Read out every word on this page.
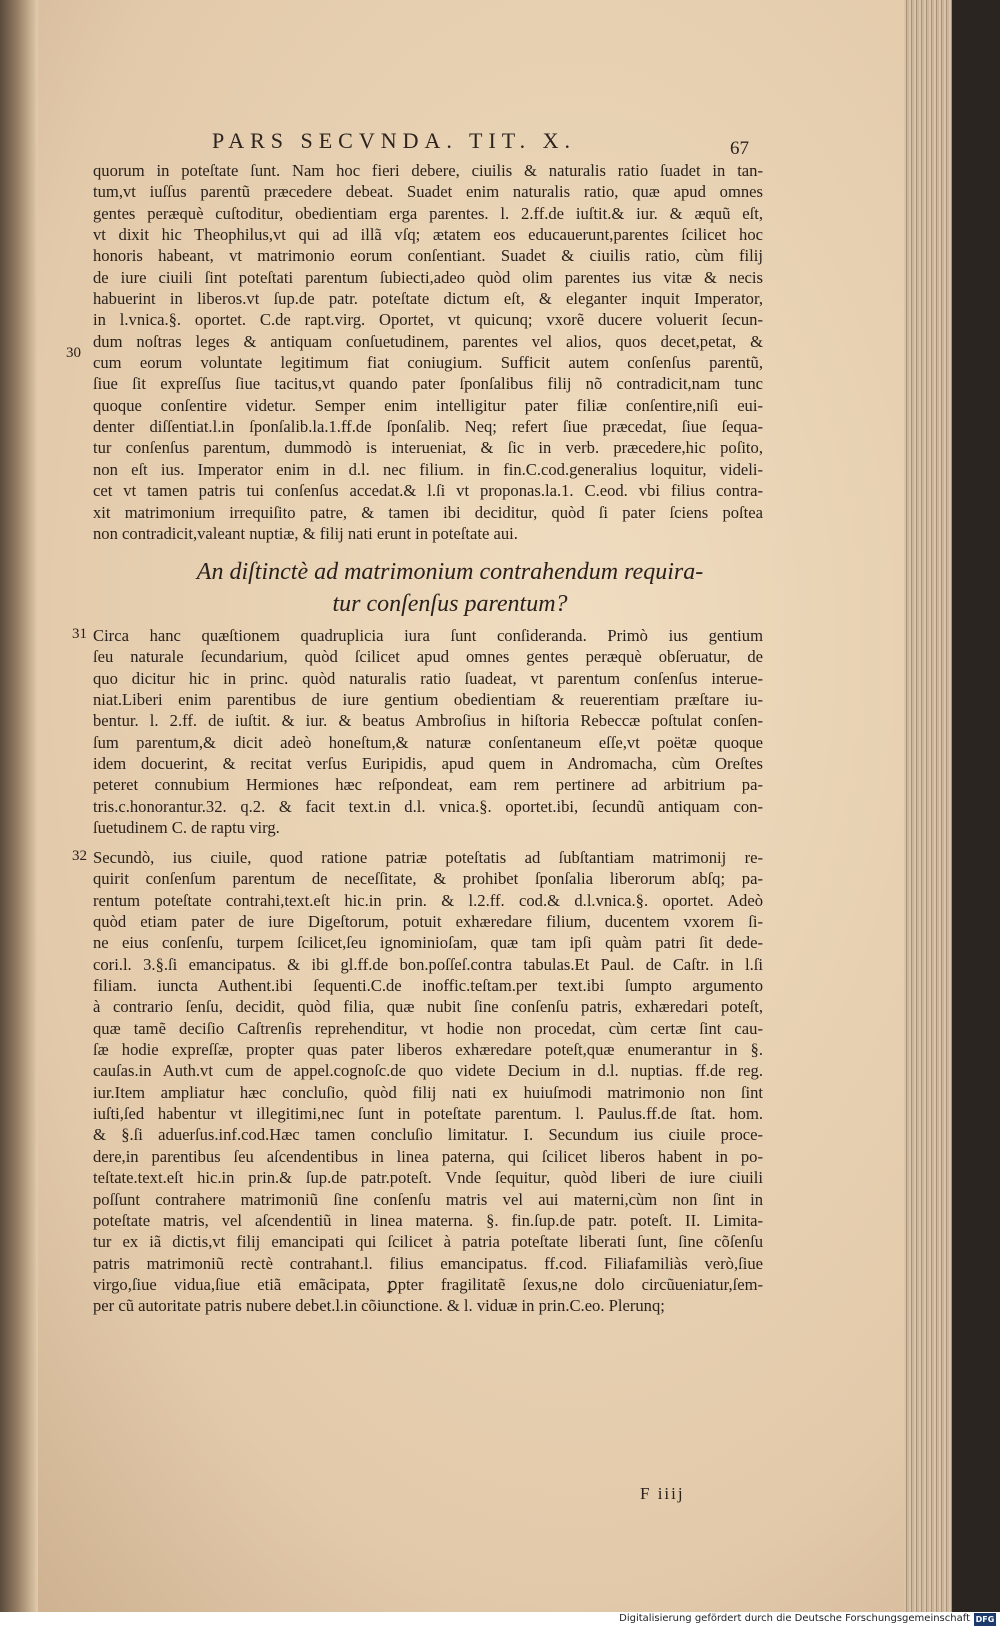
PARS SECVNDA. TIT. X.	67

quorum in poteſtate ſunt. Nam hoc fieri debere, ciuilis & naturalis ratio ſuadet in tan-

tum,vt iuſſus parentũ præcedere debeat. Suadet enim naturalis ratio, quæ apud omnes

gentes peræquè cuſtoditur, obedientiam erga parentes. l. 2.ff.de iuſtit.& iur. & æquũ eſt,

vt dixit hic Theophilus,vt qui ad illã vſq; ætatem eos educauerunt,parentes ſcilicet hoc

honoris habeant, vt matrimonio eorum conſentiant. Suadet & ciuilis ratio, cùm filij

de iure ciuili ſint poteſtati parentum ſubiecti,adeo quòd olim parentes ius vitæ & necis

habuerint in liberos.vt ſup.de patr. poteſtate dictum eſt, & eleganter inquit Imperator,

in l.vnica.§. oportet. C.de rapt.virg. Oportet, vt quicunq; vxorẽ ducere voluerit ſecun-

dum noſtras leges & antiquam conſuetudinem, parentes vel alios, quos decet,petat, &

cum eorum voluntate legitimum fiat coniugium. Sufficit autem conſenſus parentũ,

ſiue ſit expreſſus ſiue tacitus,vt quando pater ſponſalibus filij nõ contradicit,nam tunc

quoque conſentire videtur. Semper enim intelligitur pater filiæ conſentire,niſi eui-

denter diſſentiat.l.in ſponſalib.la.1.ff.de ſponſalib. Neq; refert ſiue præcedat, ſiue ſequa-

tur conſenſus parentum, dummodò is interueniat, & ſic in verb. præcedere,hic poſito,

non eſt ius. Imperator enim in d.l. nec filium. in fin.C.cod.generalius loquitur, videli-

cet vt tamen patris tui conſenſus accedat.& l.ſi vt proponas.la.1. C.eod. vbi filius contra-

xit matrimonium irrequiſito patre, & tamen ibi deciditur, quòd ſi pater ſciens poſtea

non contradicit,valeant nuptiæ, & filij nati erunt in poteſtate aui.

30
An diſtinctè ad matrimonium contrahendum requira-
tur conſenſus parentum?
31 Circa hanc quæſtionem quadruplicia iura ſunt conſideranda. Primò ius gentium

ſeu naturale ſecundarium, quòd ſcilicet apud omnes gentes peræquè obſeruatur, de

quo dicitur hic in princ. quòd naturalis ratio ſuadeat, vt parentum conſenſus interue-

niat.Liberi enim parentibus de iure gentium obedientiam & reuerentiam præſtare iu-

bentur. l. 2.ff. de iuſtit. & iur. & beatus Ambroſius in hiſtoria Rebeccæ poſtulat conſen-

ſum parentum,& dicit adeò honeſtum,& naturæ conſentaneum eſſe,vt poëtæ quoque

idem docuerint, & recitat verſus Euripidis, apud quem in Andromacha, cùm Oreſtes

peteret connubium Hermiones hæc reſpondeat, eam rem pertinere ad arbitrium pa-

tris.c.honorantur.32. q.2. & facit text.in d.l. vnica.§. oportet.ibi, ſecundũ antiquam con-

ſuetudinem C. de raptu virg.

32 Secundò, ius ciuile, quod ratione patriæ poteſtatis ad ſubſtantiam matrimonij re-

quirit conſenſum parentum de neceſſitate, & prohibet ſponſalia liberorum abſq; pa-

rentum poteſtate contrahi,text.eſt hic.in prin. & l.2.ff. cod.& d.l.vnica.§. oportet. Adeò

quòd etiam pater de iure Digeſtorum, potuit exhæredare filium, ducentem vxorem ſi-

ne eius conſenſu, turpem ſcilicet,ſeu ignominioſam, quæ tam ipſi quàm patri ſit dede-

cori.l. 3.§.ſi emancipatus. & ibi gl.ff.de bon.poſſeſ.contra tabulas.Et Paul. de Caſtr. in l.ſi

filiam. iuncta Authent.ibi ſequenti.C.de inoffic.teſtam.per text.ibi ſumpto argumento

à contrario ſenſu, decidit, quòd filia, quæ nubit ſine conſenſu patris, exhæredari poteſt,

quæ tamẽ deciſio Caſtrenſis reprehenditur, vt hodie non procedat, cùm certæ ſint cau-

ſæ hodie expreſſæ, propter quas pater liberos exhæredare poteſt,quæ enumerantur in §.

cauſas.in Auth.vt cum de appel.cognoſc.de quo videte Decium in d.l. nuptias. ff.de reg.

iur.Item ampliatur hæc concluſio, quòd filij nati ex huiuſmodi matrimonio non ſint

iuſti,ſed habentur vt illegitimi,nec ſunt in poteſtate parentum. l. Paulus.ff.de ſtat. hom.

& §.ſi aduerſus.inf.cod.Hæc tamen concluſio limitatur. I. Secundum ius ciuile proce-

dere,in parentibus ſeu aſcendentibus in linea paterna, qui ſcilicet liberos habent in po-

teſtate.text.eſt hic.in prin.& ſup.de patr.poteſt. Vnde ſequitur, quòd liberi de iure ciuili

poſſunt contrahere matrimoniũ ſine conſenſu matris vel aui materni,cùm non ſint in

poteſtate matris, vel aſcendentiũ in linea materna. §. fin.ſup.de patr. poteſt. II. Limita-

tur ex iã dictis,vt filij emancipati qui ſcilicet à patria poteſtate liberati ſunt, ſine cõſenſu

patris matrimoniũ rectè contrahant.l. filius emancipatus. ff.cod. Filiafamiliàs verò,ſiue

virgo,ſiue vidua,ſiue etiã emãcipata, ꝑpter fragilitatẽ ſexus,ne dolo circũueniatur,ſem-

per cũ autoritate patris nubere debet.l.in cõiunctione. & l. viduæ in prin.C.eo. Plerunq;

F iiij
Digitalisierung gefördert durch die Deutsche Forschungsgemeinschaft DFG
